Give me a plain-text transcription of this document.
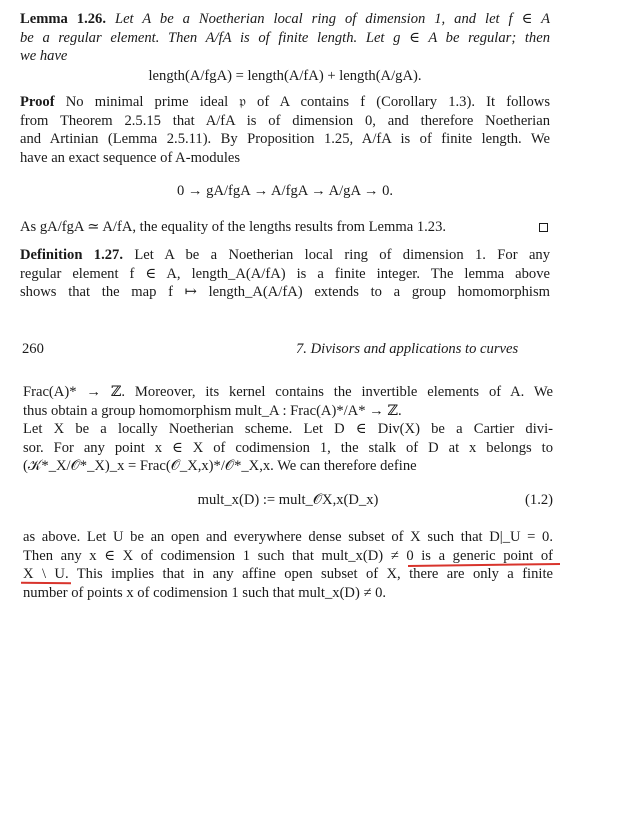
Lemma 1.26. Let A be a Noetherian local ring of dimension 1, and let f ∈ A
be a regular element. Then A/fA is of finite length. Let g ∈ A be regular; then
we have
length(A/fgA) = length(A/fA) + length(A/gA).
Proof No minimal prime ideal 𝔭 of A contains f (Corollary 1.3). It follows
from Theorem 2.5.15 that A/fA is of dimension 0, and therefore Noetherian
and Artinian (Lemma 2.5.11). By Proposition 1.25, A/fA is of finite length. We
have an exact sequence of A-modules
0 → gA/fgA → A/fgA → A/gA → 0.
As gA/fgA ≃ A/fA, the equality of the lengths results from Lemma 1.23.
Definition 1.27. Let A be a Noetherian local ring of dimension 1. For any
regular element f ∈ A, length_A(A/fA) is a finite integer. The lemma above
shows that the map f ↦ length_A(A/fA) extends to a group homomorphism
260	7. Divisors and applications to curves
Frac(A)* → ℤ. Moreover, its kernel contains the invertible elements of A. We
thus obtain a group homomorphism mult_A : Frac(A)*/A* → ℤ.
Let X be a locally Noetherian scheme. Let D ∈ Div(X) be a Cartier divi-
sor. For any point x ∈ X of codimension 1, the stalk of D at x belongs to
(𝒦*_X/𝒪*_X)_x = Frac(𝒪_X,x)*/𝒪*_X,x. We can therefore define
mult_x(D) := mult_𝒪X,x(D_x)	(1.2)
as above. Let U be an open and everywhere dense subset of X such that D|_U = 0.
Then any x ∈ X of codimension 1 such that mult_x(D) ≠ 0 is a generic point of
X \ U. This implies that in any affine open subset of X, there are only a finite
number of points x of codimension 1 such that mult_x(D) ≠ 0.
